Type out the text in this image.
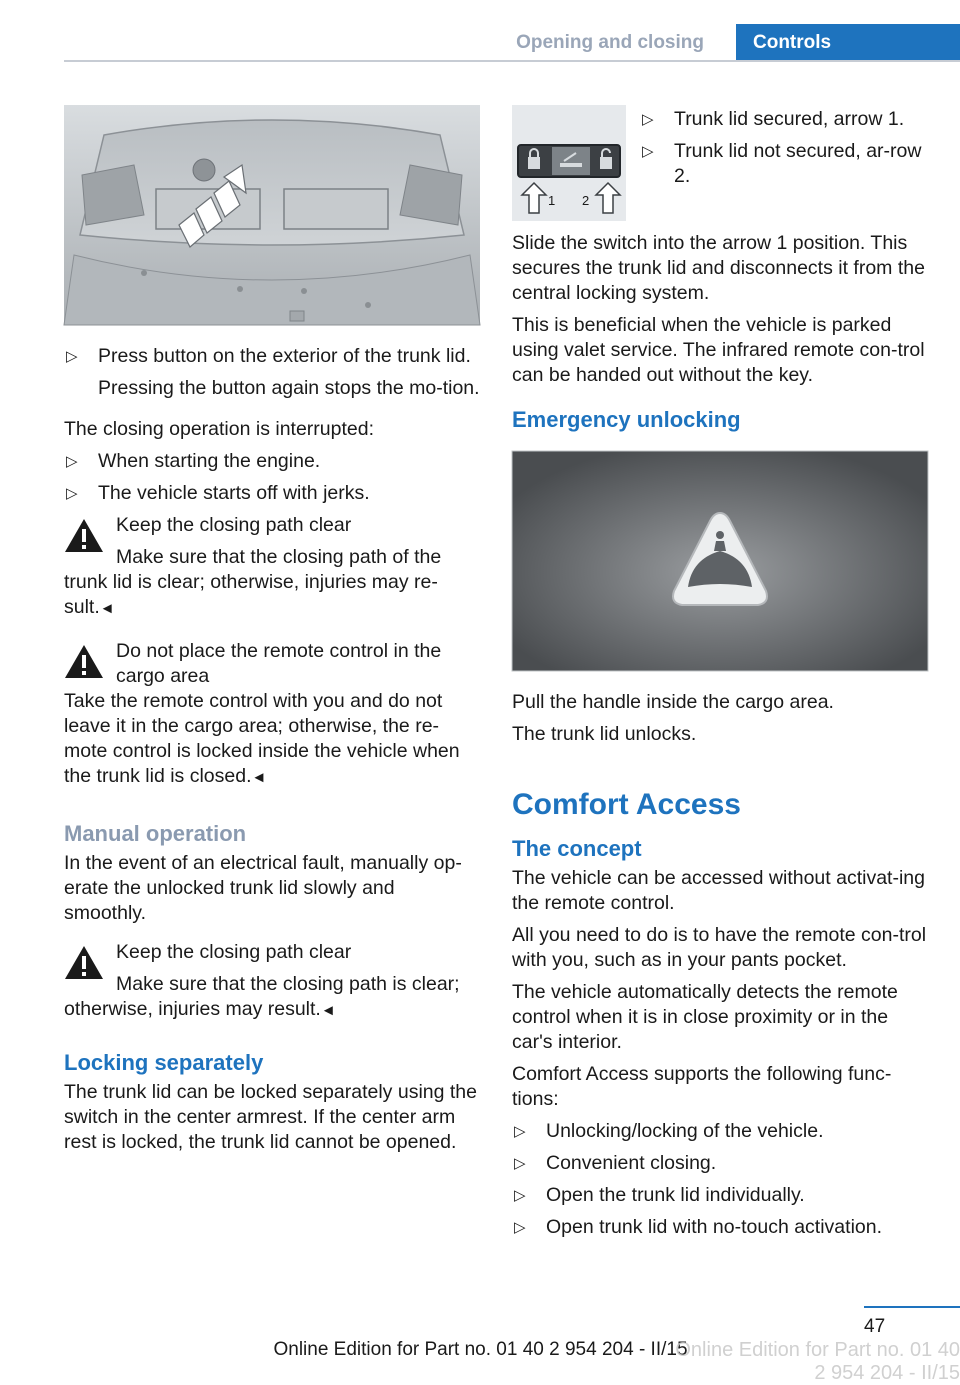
Opening and closing	Controls
▷ Press button on the exterior of the trunk lid.
Pressing the button again stops the mo‐tion.

The closing operation is interrupted:

▷ When starting the engine.
▷ The vehicle starts off with jerks.
Keep the closing path clear
Make sure that the closing path of the trunk lid is clear; otherwise, injuries may re‐sult.◄
Do not place the remote control in the cargo area
Take the remote control with you and do not leave it in the cargo area; otherwise, the re‐mote control is locked inside the vehicle when the trunk lid is closed.◄
Manual operation

In the event of an electrical fault, manually op‐erate the unlocked trunk lid slowly and smoothly.

Keep the closing path clear
Make sure that the closing path is clear; otherwise, injuries may result.◄
Locking separately

The trunk lid can be locked separately using the switch in the center armrest. If the center arm rest is locked, the trunk lid cannot be opened.

1 2
▷ Trunk lid secured, arrow 1.
▷ Trunk lid not secured, ar‐row 2.

Slide the switch into the arrow 1 position. This secures the trunk lid and disconnects it from the central locking system.

This is beneficial when the vehicle is parked using valet service. The infrared remote con‐trol can be handed out without the key.

Emergency unlocking

Pull the handle inside the cargo area.

The trunk lid unlocks.

Comfort Access
The concept

The vehicle can be accessed without activat‐ing the remote control.

All you need to do is to have the remote con‐trol with you, such as in your pants pocket.

The vehicle automatically detects the remote control when it is in close proximity or in the car's interior.

Comfort Access supports the following func‐tions:

▷ Unlocking/locking of the vehicle.
▷ Convenient closing.
▷ Open the trunk lid individually.
▷ Open trunk lid with no-touch activation.
47
Online Edition for Part no. 01 40 2 954 204 - II/15
Online Edition for Part no. 01 40 2 954 204 - II/15
